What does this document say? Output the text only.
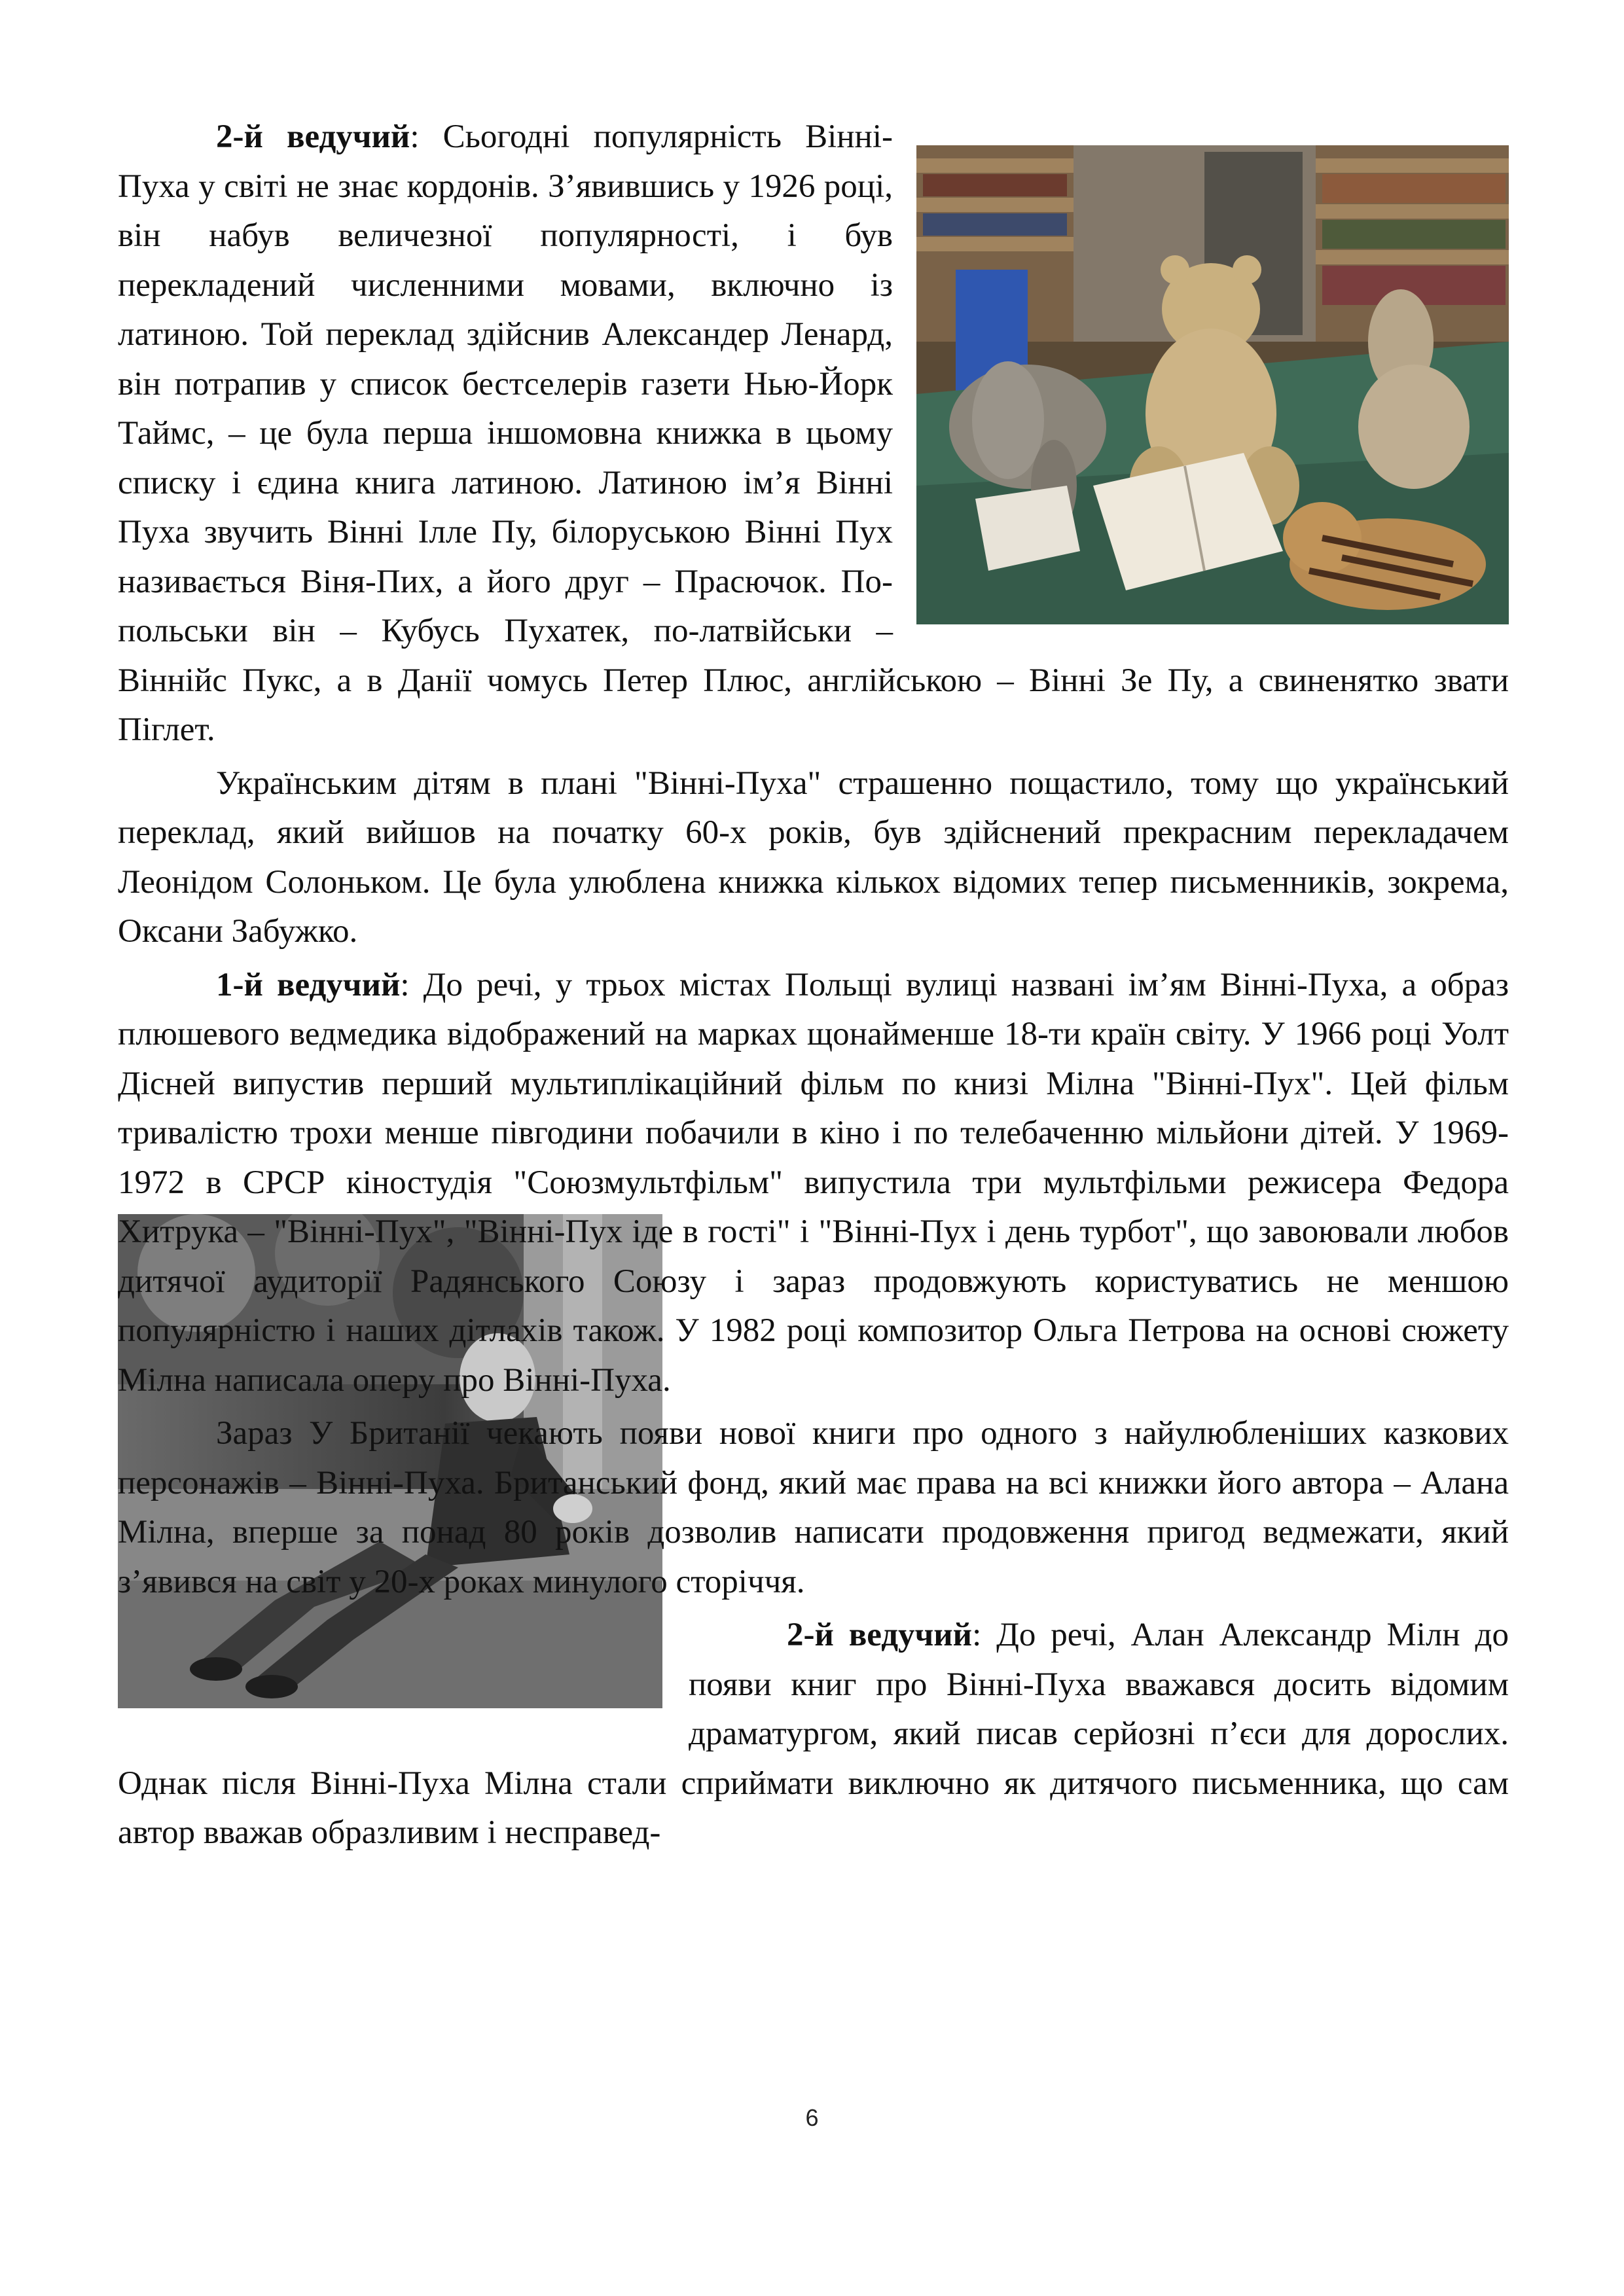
2-й ведучий: Сьогодні популярність Вінні-Пуха у світі не знає кордонів. З’явившись у 1926 році, він набув величезної популярності, і був перекладений численними мовами, включно із латиною. Той переклад здійснив Александер Ленард, він потрапив у список бестселерів газети Нью-Йорк Таймс, – це була перша іншомовна книжка в цьому списку і єдина книга латиною. Латиною ім’я Вінні Пуха звучить Вінні Ілле Пу, білоруською Вінні Пух називається Віня-Пих, а його друг – Прасючок. По-польськи він – Кубусь Пухатек, по-латвійськи – Віннійс Пукс, а в Данії чомусь Петер Плюс, англійською – Вінні Зе Пу, а свиненятко звати Піглет.

Українським дітям в плані "Вінні-Пуха" страшенно пощастило, тому що український переклад, який вийшов на початку 60-х років, був здійснений прекрасним перекладачем Леонідом Солоньком. Це була улюблена книжка кількох відомих тепер письменників, зокрема, Оксани Забужко.

1-й ведучий: До речі, у трьох містах Польщі вулиці названі ім’ям Вінні-Пуха, а образ плюшевого ведмедика відображений на марках щонайменше 18-ти країн світу. У 1966 році Уолт Дісней випустив перший мультиплікаційний фільм по книзі Мілна "Вінні-Пух". Цей фільм тривалістю трохи менше півгодини побачили в кіно і по телебаченню мільйони дітей. У 1969-1972 в СРСР кіностудія "Союзмультфільм" випустила три мультфільми режисера Федора Хитрука – "Вінні-Пух", "Вінні-Пух іде в гості" і "Вінні-Пух і день турбот", що завоювали любов дитячої аудиторії Радянського Союзу і зараз продовжують користуватись не меншою популярністю і наших дітлахів також. У 1982 році композитор Ольга Петрова на основі сюжету Мілна написала оперу про Вінні-Пуха.

Зараз У Британії чекають появи нової книги про одного з найулюбленіших казкових персонажів – Вінні-Пуха. Британський фонд, який має права на всі книжки його автора – Алана Мілна, вперше за понад 80 років дозволив написати продовження пригод ведмежати, який з’явився на світ у 20-х роках минулого сторіччя.

2-й ведучий: До речі, Алан Александр Мілн до появи книг про Вінні-Пуха вважався досить відомим драматургом, який писав серйозні п’єси для дорослих. Однак після Вінні-Пуха Мілна стали сприймати виключно як дитячого письменника, що сам автор вважав образливим і несправед-

6
